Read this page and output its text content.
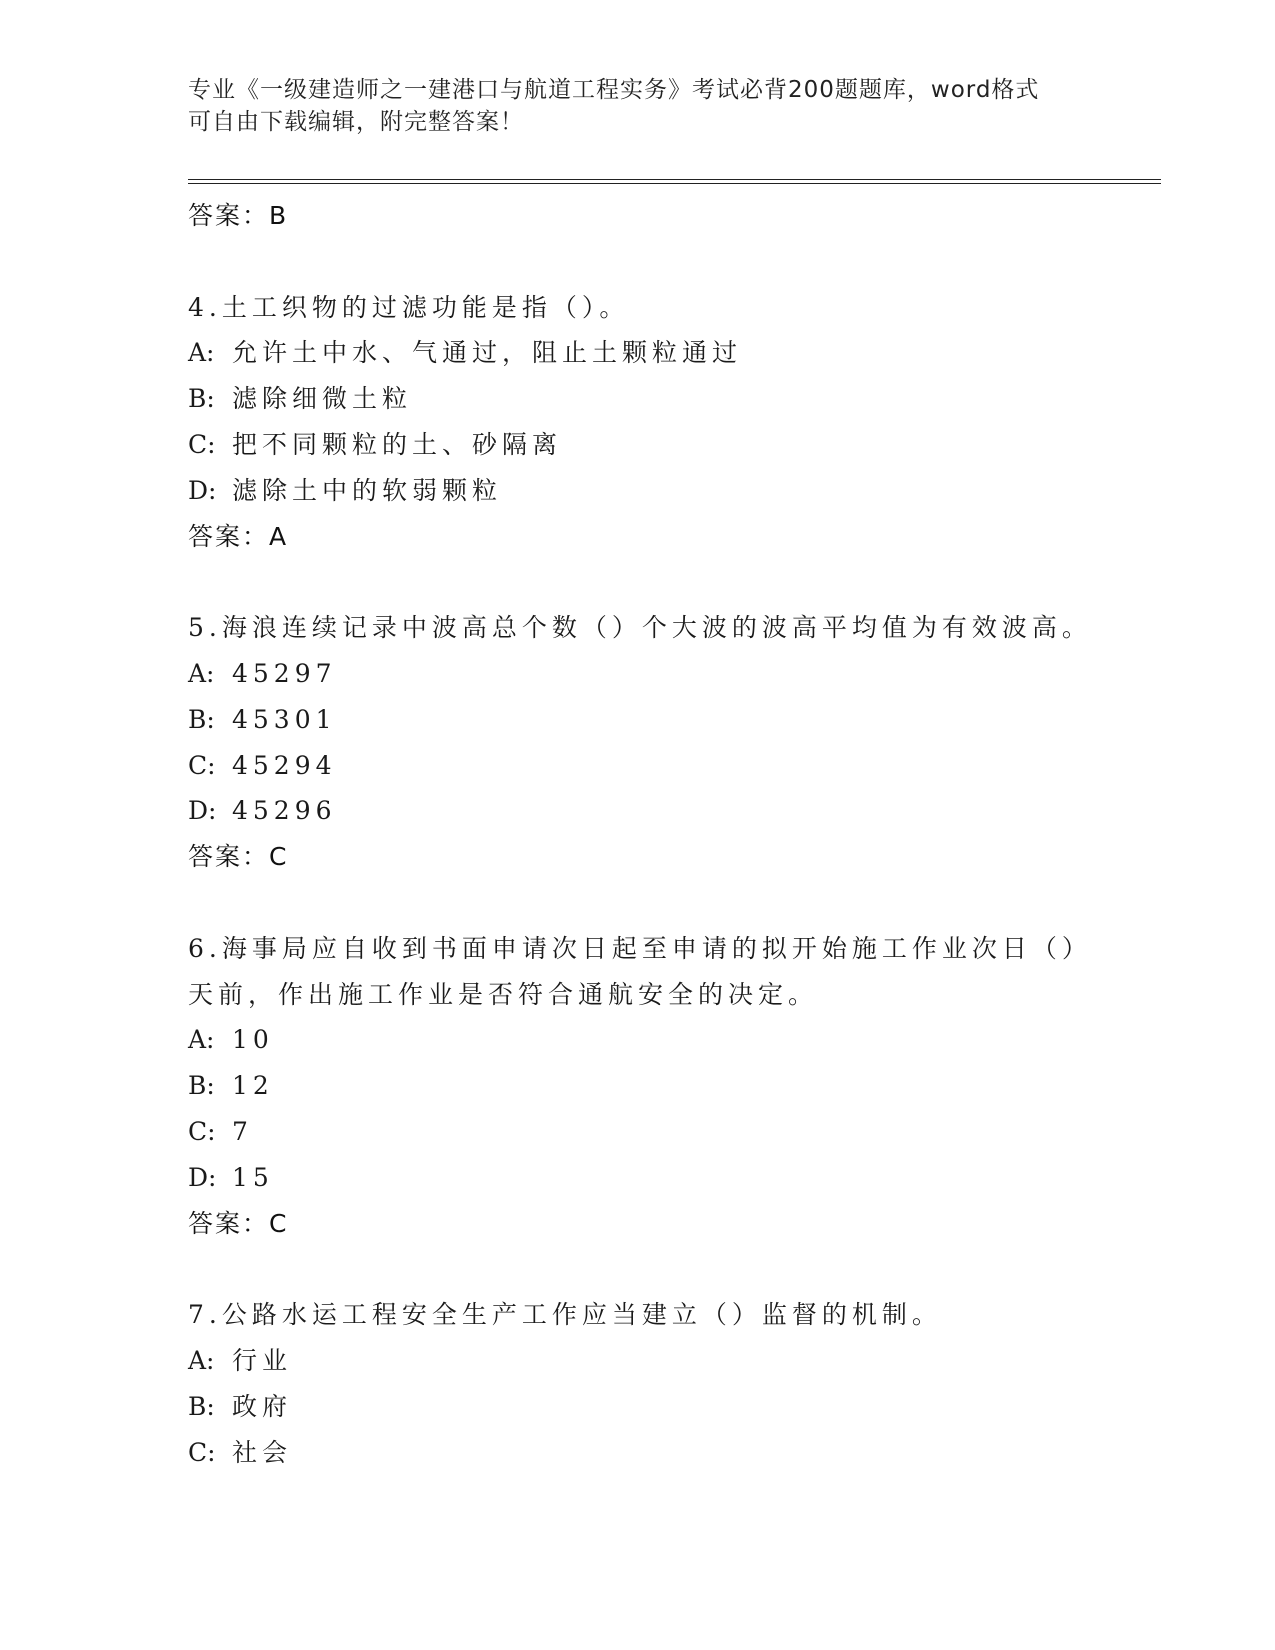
专业《一级建造师之一建港口与航道工程实务》考试必背200题题库，word格式
可自由下载编辑，附完整答案！
答案：B
4.土工织物的过滤功能是指（）。
A: 允许土中水、气通过，阻止土颗粒通过
B: 滤除细微土粒
C: 把不同颗粒的土、砂隔离
D: 滤除土中的软弱颗粒
答案：A
5.海浪连续记录中波高总个数（）个大波的波高平均值为有效波高。
A: 45297
B: 45301
C: 45294
D: 45296
答案：C
6.海事局应自收到书面申请次日起至申请的拟开始施工作业次日（）
天前，作出施工作业是否符合通航安全的决定。
A: 10
B: 12
C: 7
D: 15
答案：C
7.公路水运工程安全生产工作应当建立（）监督的机制。
A: 行业
B: 政府
C: 社会
